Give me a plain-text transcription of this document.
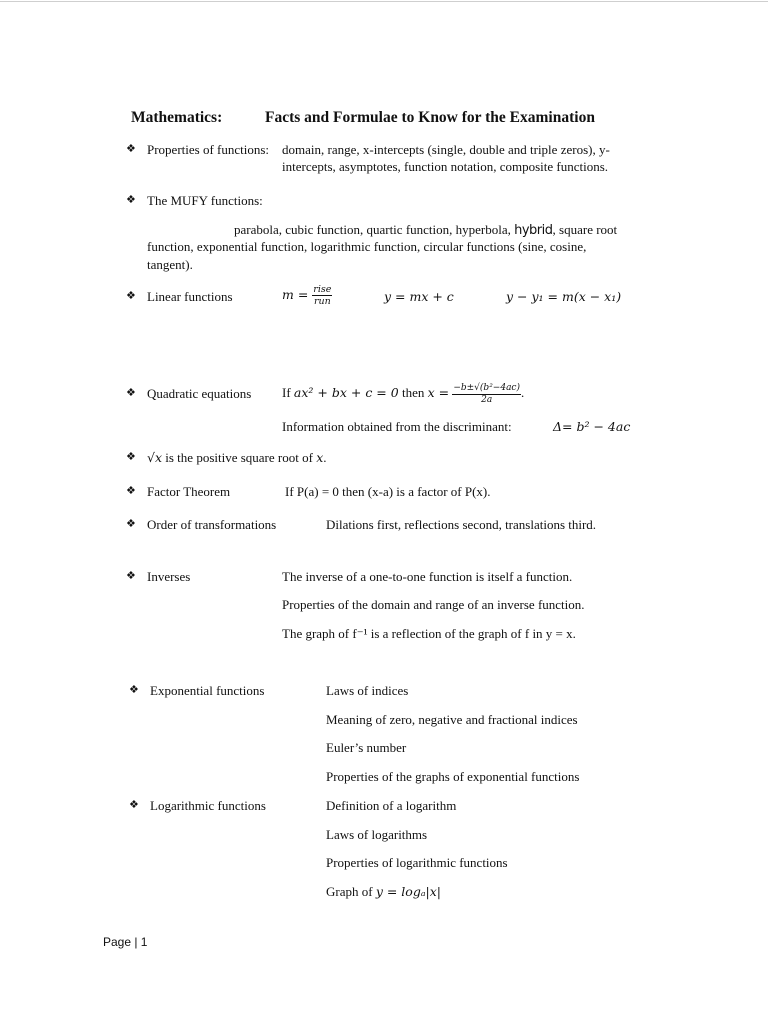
Mathematics:	Facts and Formulae to Know for the Examination
❖ Properties of functions: domain, range, x-intercepts (single, double and triple zeros), y-
intercepts, asymptotes, function notation, composite functions.
❖ The MUFY functions:
parabola, cubic function, quartic function, hyperbola, hybrid, square root
function, exponential function, logarithmic function, circular functions (sine, cosine,
tangent).
❖ Linear functions	$m = \frac{\text{rise}}{\text{run}}$	y = mx + c	y − y₁ = m(x − x₁)
❖ Quadratic equations If ax² + bx + c = 0 then $x = \frac{\text{−b±√(b²−4ac)}}{2a}$ .
Information obtained from the discriminant:	Δ= b² − 4ac
❖ √x is the positive square root of x.
❖ Factor Theorem	If P(a) = 0 then (x-a) is a factor of P(x).
❖ Order of transformations	Dilations first, reflections second, translations third.
❖ Inverses	The inverse of a one-to-one function is itself a function.
Properties of the domain and range of an inverse function.
The graph of f⁻¹ is a reflection of the graph of f in y = x.
❖ Exponential functions	Laws of indices
Meaning of zero, negative and fractional indices
Euler’s number
Properties of the graphs of exponential functions
❖ Logarithmic functions	Definition of a logarithm
Laws of logarithms
Properties of logarithmic functions
Graph of y = logₐ|x|
Page | 1
